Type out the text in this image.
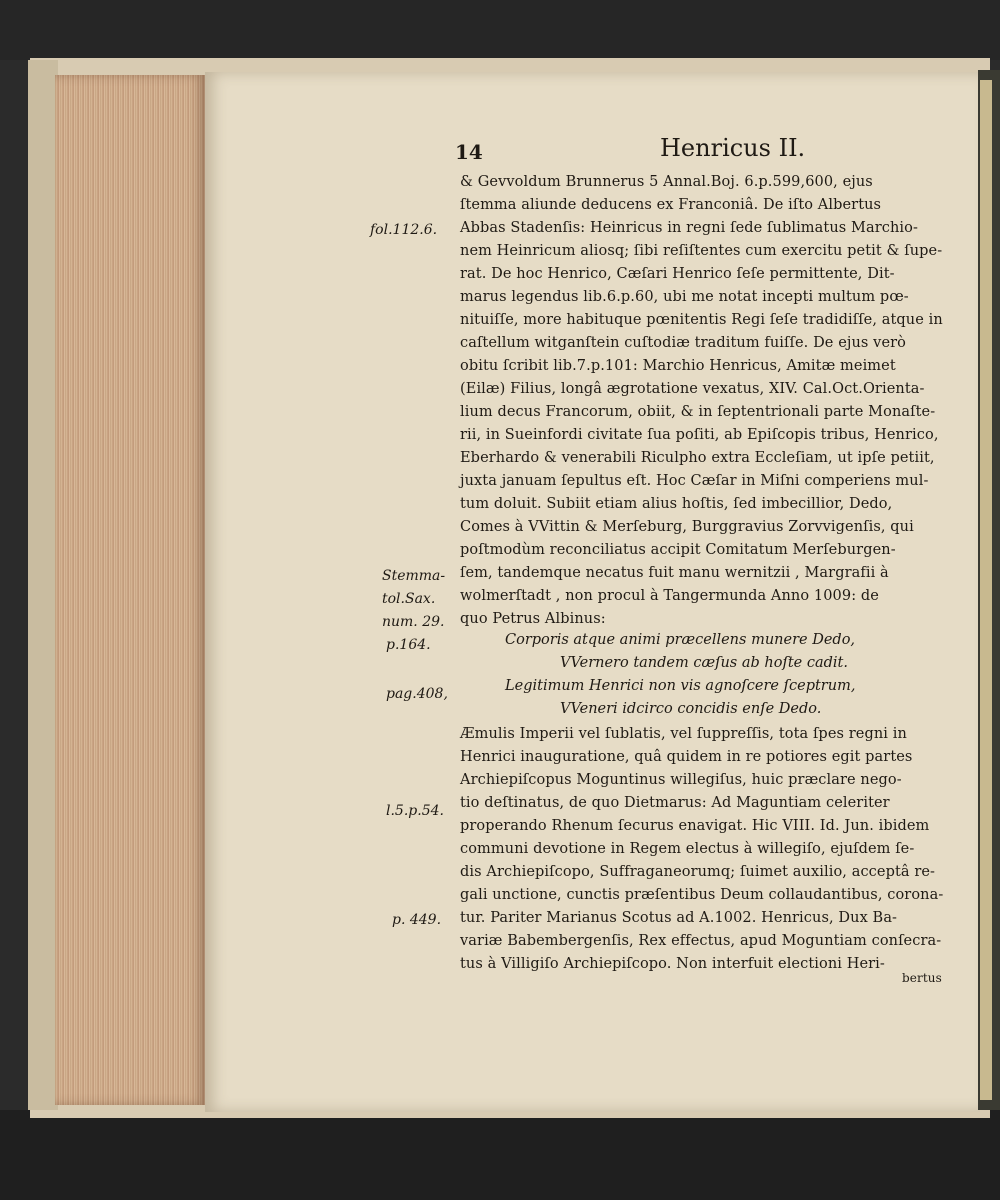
14	Henricus II.
& Gevvoldum Brunnerus 5 Annal.Boj. 6.p.599,600, ejus
ſtemma aliunde deducens ex Franconiâ. De iſto Albertus
Abbas Stadenſis: Heinricus in regni ſede ſublimatus Marchio-
nem Heinricum aliosq; ſibi reſiſtentes cum exercitu petit & ſupe-
rat. De hoc Henrico, Cæſari Henrico ſeſe permittente, Dit-
marus legendus lib.6.p.60, ubi me notat incepti multum pœ-
nituiſſe, more habituque pœnitentis Regi ſeſe tradidiſſe, atque in
caſtellum witganſtein cuſtodiæ traditum fuiſſe. De ejus verò
obitu ſcribit lib.7.p.101: Marchio Henricus, Amitæ meimet
(Eilæ) Filius, longâ ægrotatione vexatus, XIV. Cal.Oct.Orienta-
lium decus Francorum, obiit, & in ſeptentrionali parte Monaſte-
rii, in Sueinfordi civitate ſua poſiti, ab Epiſcopis tribus, Henrico,
Eberhardo & venerabili Riculpho extra Eccleſiam, ut ipſe petiit,
juxta januam ſepultus eſt. Hoc Cæſar in Miſni comperiens mul-
tum doluit. Subiit etiam alius hoſtis, ſed imbecillior, Dedo,
Comes à VVittin & Merſeburg, Burggravius Zorvvigenſis, qui
poſtmodùm reconciliatus accipit Comitatum Merſeburgen-
ſem, tandemque necatus fuit manu wernitzii , Margrafii à
wolmerſtadt , non procul à Tangermunda Anno 1009: de
quo Petrus Albinus:
Corporis atque animi præcellens munere Dedo,
VVernero tandem cæſus ab hoſte cadit.
Legitimum Henrici non vis agnoſcere ſceptrum,
VVeneri idcirco concidis enſe Dedo.
Æmulis Imperii vel ſublatis, vel ſuppreſſis, tota ſpes regni in
Henrici inauguratione, quâ quidem in re potiores egit partes
Archiepiſcopus Moguntinus willegiſus, huic præclare nego-
tio deſtinatus, de quo Dietmarus: Ad Maguntiam celeriter
properando Rhenum ſecurus enavigat. Hic VIII. Id. Jun. ibidem
communi devotione in Regem electus à willegiſo, ejuſdem ſe-
dis Archiepiſcopo, Suffraganeorumq; ſuimet auxilio, acceptâ re-
gali unctione, cunctis præſentibus Deum collaudantibus, corona-
tur. Pariter Marianus Scotus ad A.1002. Henricus, Dux Ba-
variæ Babembergenſis, Rex effectus, apud Moguntiam conſecra-
tus à Villigiſo Archiepiſcopo. Non interfuit electioni Heri-
bertus
fol.112.6.
Stemma-
tol.Sax.
num. 29.
p.164.
pag.408,
l.5.p.54.
p. 449.
